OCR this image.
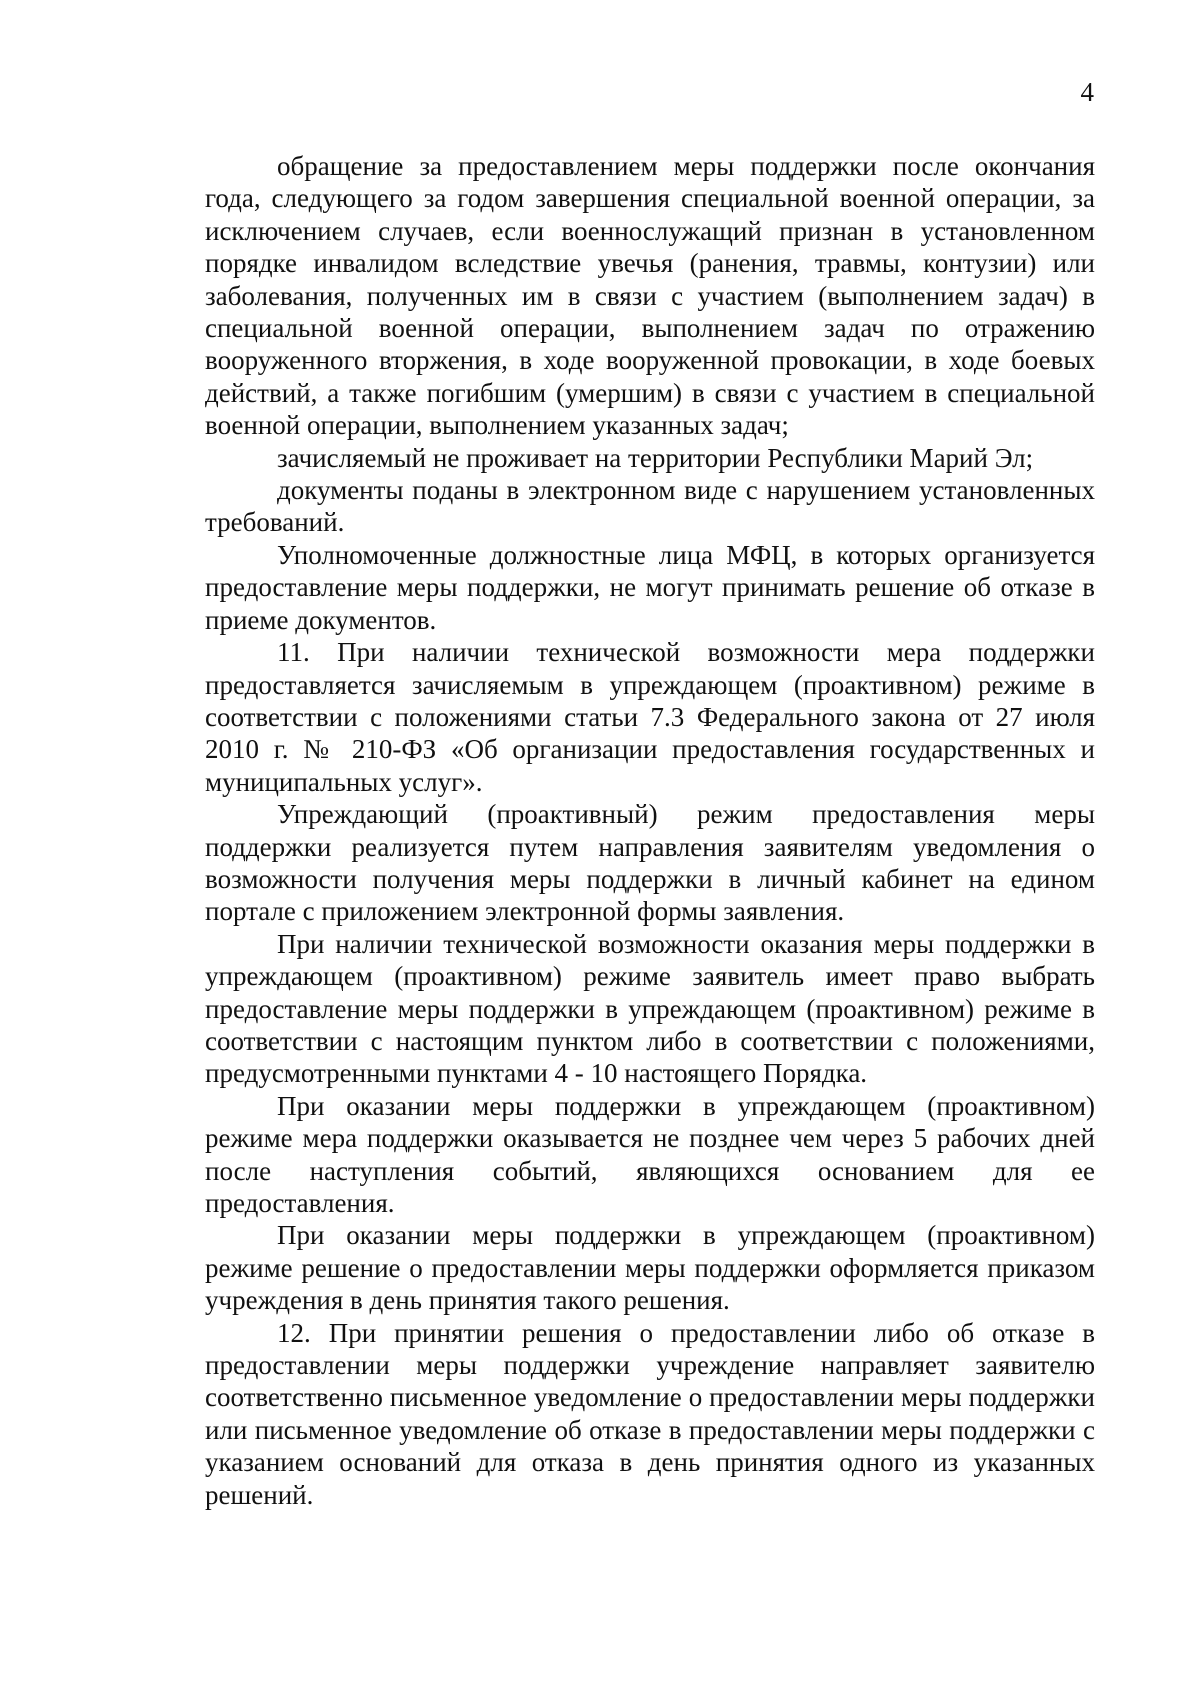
4

обращение за предоставлением меры поддержки после окончания года, следующего за годом завершения специальной военной операции, за исключением случаев, если военнослужащий признан в установленном порядке инвалидом вследствие увечья (ранения, травмы, контузии) или заболевания, полученных им в связи с участием (выполнением задач) в специальной военной операции, выполнением задач по отражению вооруженного вторжения, в ходе вооруженной провокации, в ходе боевых действий, а также погибшим (умершим) в связи с участием в специальной военной операции, выполнением указанных задач;

зачисляемый не проживает на территории Республики Марий Эл;

документы поданы в электронном виде с нарушением установленных требований.

Уполномоченные должностные лица МФЦ, в которых организуется предоставление меры поддержки, не могут принимать решение об отказе в приеме документов.

11. При наличии технической возможности мера поддержки предоставляется зачисляемым в упреждающем (проактивном) режиме в соответствии с положениями статьи 7.3 Федерального закона от 27 июля 2010 г. № 210-ФЗ «Об организации предоставления государственных и муниципальных услуг».

Упреждающий (проактивный) режим предоставления меры поддержки реализуется путем направления заявителям уведомления о возможности получения меры поддержки в личный кабинет на едином портале с приложением электронной формы заявления.

При наличии технической возможности оказания меры поддержки в упреждающем (проактивном) режиме заявитель имеет право выбрать предоставление меры поддержки в упреждающем (проактивном) режиме в соответствии с настоящим пунктом либо в соответствии с положениями, предусмотренными пунктами 4 - 10 настоящего Порядка.

При оказании меры поддержки в упреждающем (проактивном) режиме мера поддержки оказывается не позднее чем через 5 рабочих дней после наступления событий, являющихся основанием для ее предоставления.

При оказании меры поддержки в упреждающем (проактивном) режиме решение о предоставлении меры поддержки оформляется приказом учреждения в день принятия такого решения.

12. При принятии решения о предоставлении либо об отказе в предоставлении меры поддержки учреждение направляет заявителю соответственно письменное уведомление о предоставлении меры поддержки или письменное уведомление об отказе в предоставлении меры поддержки с указанием оснований для отказа в день принятия одного из указанных решений.
